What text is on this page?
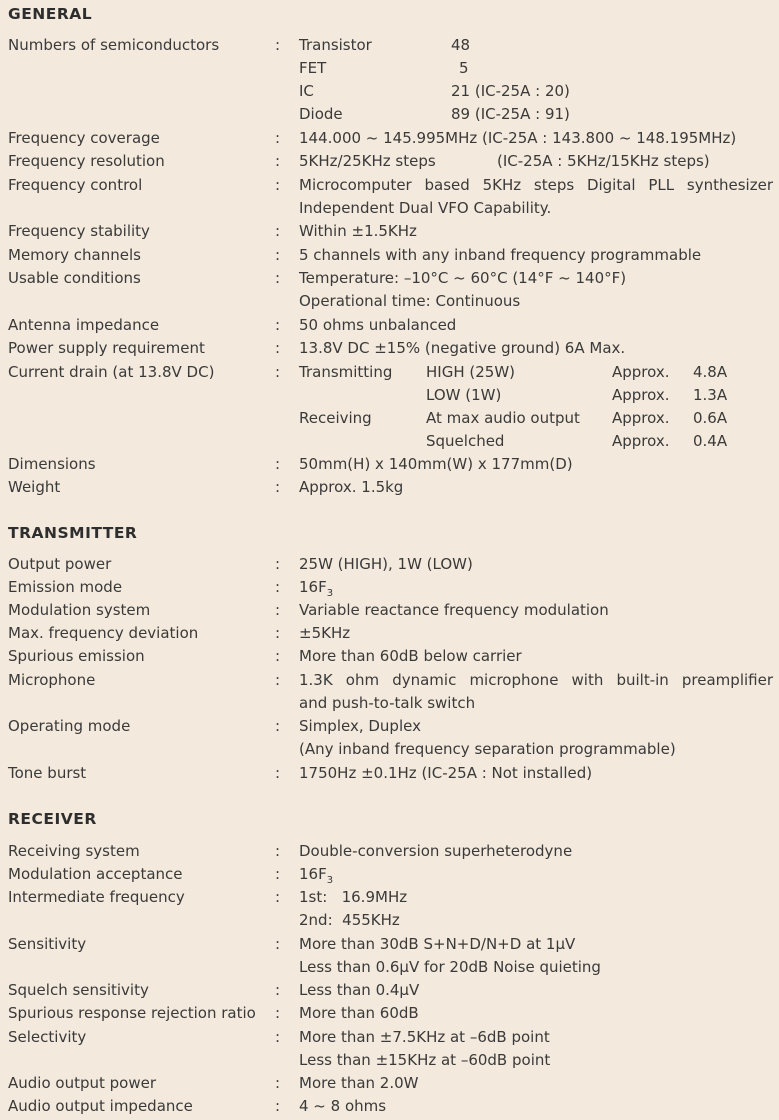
GENERAL
Numbers of semiconductors	: Transistor	48
FET	5
IC	21 (IC-25A : 20)
Diode	89 (IC-25A : 91)
Frequency coverage	: 144.000 ~ 145.995MHz (IC-25A : 143.800 ~ 148.195MHz)
Frequency resolution	: 5KHz/25KHz steps	(IC-25A : 5KHz/15KHz steps)
Frequency control	: Microcomputer based 5KHz steps Digital PLL synthesizer
Independent Dual VFO Capability.
Frequency stability	: Within ±1.5KHz
Memory channels	: 5 channels with any inband frequency programmable
Usable conditions	: Temperature: –10°C ~ 60°C (14°F ~ 140°F)
Operational time: Continuous
Antenna impedance	: 50 ohms unbalanced
Power supply requirement	: 13.8V DC ±15% (negative ground) 6A Max.
Current drain (at 13.8V DC)	: Transmitting HIGH (25W)	Approx. 4.8A
LOW (1W)	Approx. 1.3A
Receiving	At max audio output Approx. 0.6A
Squelched	Approx. 0.4A
Dimensions	: 50mm(H) x 140mm(W) x 177mm(D)
Weight	: Approx. 1.5kg
TRANSMITTER
Output power	: 25W (HIGH), 1W (LOW)
Emission mode	: $16F_3$
Modulation system	: Variable reactance frequency modulation
Max. frequency deviation	: ±5KHz
Spurious emission	: More than 60dB below carrier
Microphone	: 1.3K ohm dynamic microphone with built-in preamplifier
and push-to-talk switch
Operating mode	: Simplex, Duplex
(Any inband frequency separation programmable)
Tone burst	: 1750Hz ±0.1Hz (IC-25A : Not installed)
RECEIVER
Receiving system	: Double-conversion superheterodyne
Modulation acceptance	: $16F_3$
Intermediate frequency	: 1st:   16.9MHz
2nd:  455KHz
Sensitivity	: More than 30dB S+N+D/N+D at 1μV
Less than 0.6μV for 20dB Noise quieting
Squelch sensitivity	: Less than 0.4μV
Spurious response rejection ratio : More than 60dB
Selectivity	: More than ±7.5KHz at –6dB point
Less than ±15KHz at –60dB point
Audio output power	: More than 2.0W
Audio output impedance	: 4 ~ 8 ohms
